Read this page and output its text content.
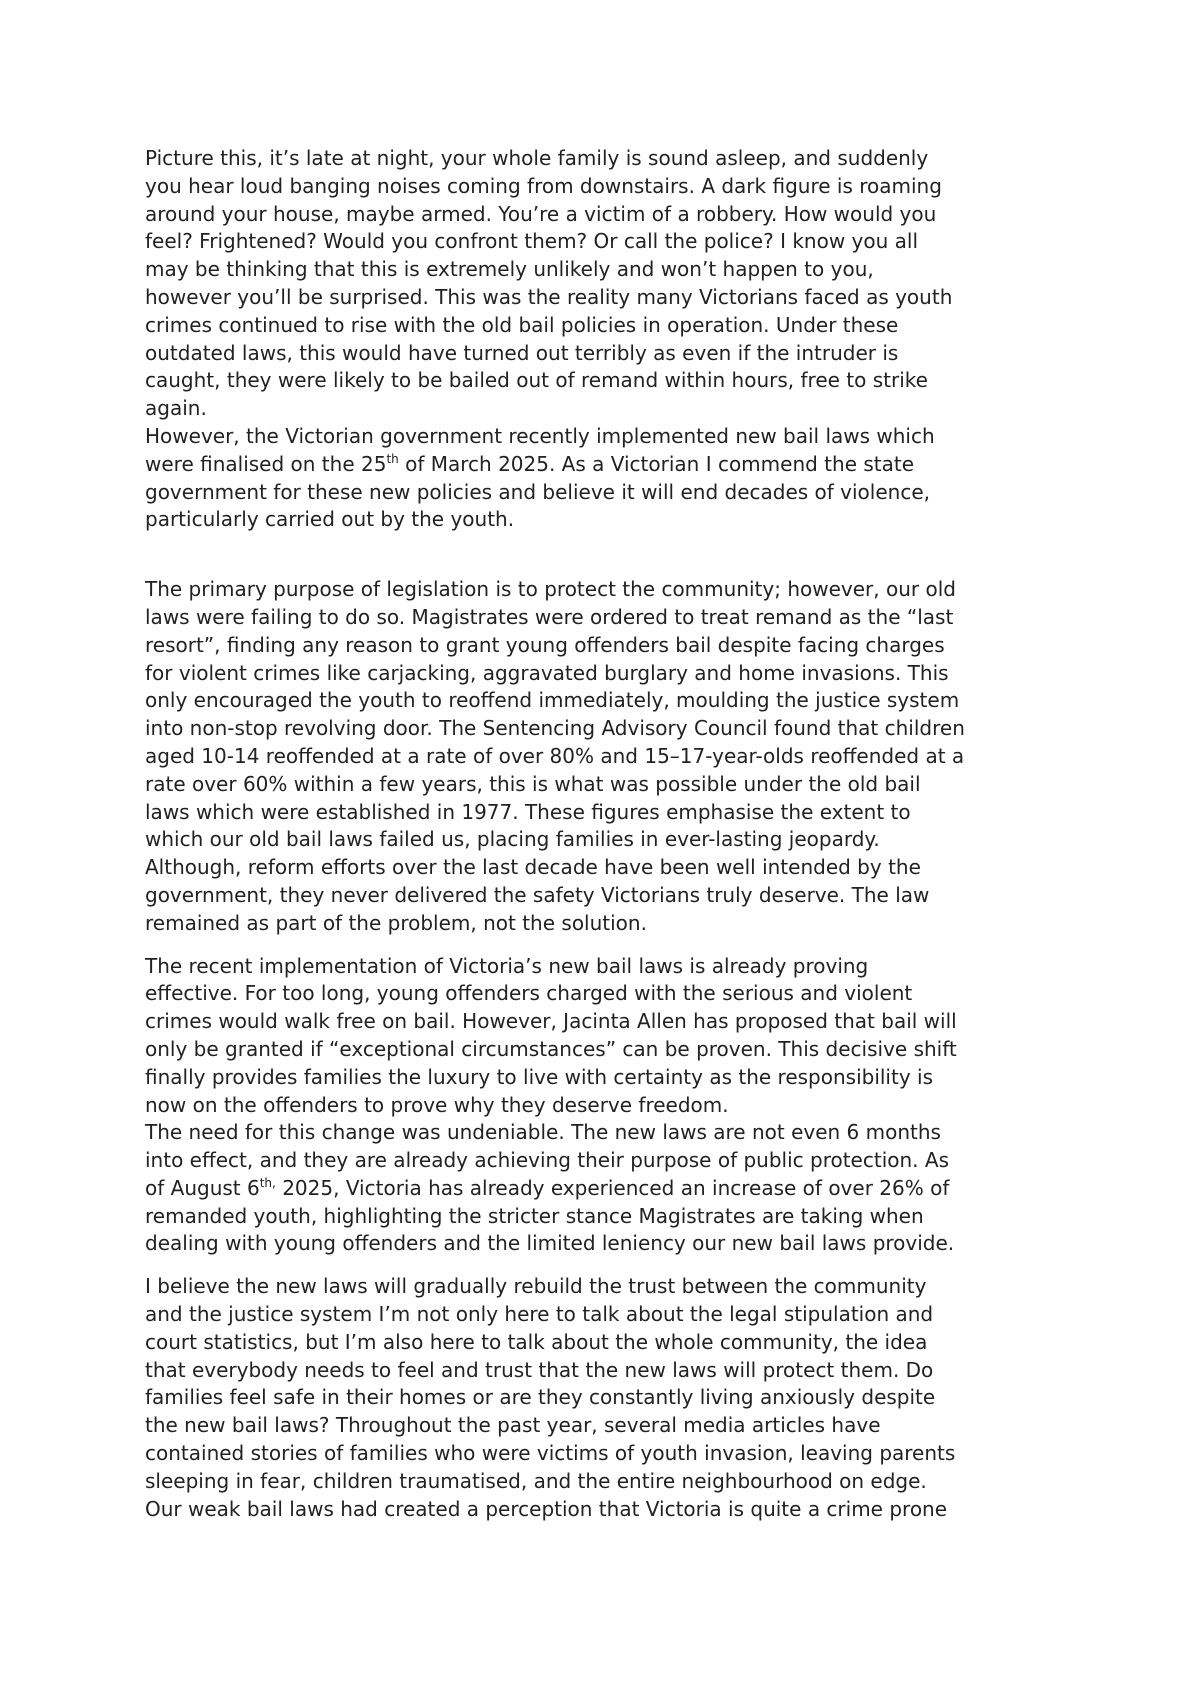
Picture this, it’s late at night, your whole family is sound asleep, and suddenly
you hear loud banging noises coming from downstairs. A dark figure is roaming
around your house, maybe armed. You’re a victim of a robbery. How would you
feel? Frightened? Would you confront them? Or call the police? I know you all
may be thinking that this is extremely unlikely and won’t happen to you,
however you’ll be surprised. This was the reality many Victorians faced as youth
crimes continued to rise with the old bail policies in operation. Under these
outdated laws, this would have turned out terribly as even if the intruder is
caught, they were likely to be bailed out of remand within hours, free to strike
again.

However, the Victorian government recently implemented new bail laws which
were finalised on the 25th of March 2025. As a Victorian I commend the state
government for these new policies and believe it will end decades of violence,
particularly carried out by the youth.

The primary purpose of legislation is to protect the community; however, our old
laws were failing to do so. Magistrates were ordered to treat remand as the “last
resort”, finding any reason to grant young offenders bail despite facing charges
for violent crimes like carjacking, aggravated burglary and home invasions. This
only encouraged the youth to reoffend immediately, moulding the justice system
into non-stop revolving door. The Sentencing Advisory Council found that children
aged 10-14 reoffended at a rate of over 80% and 15–17-year-olds reoffended at a
rate over 60% within a few years, this is what was possible under the old bail
laws which were established in 1977. These figures emphasise the extent to
which our old bail laws failed us, placing families in ever-lasting jeopardy.
Although, reform efforts over the last decade have been well intended by the
government, they never delivered the safety Victorians truly deserve. The law
remained as part of the problem, not the solution.

The recent implementation of Victoria’s new bail laws is already proving
effective. For too long, young offenders charged with the serious and violent
crimes would walk free on bail. However, Jacinta Allen has proposed that bail will
only be granted if “exceptional circumstances” can be proven. This decisive shift
finally provides families the luxury to live with certainty as the responsibility is
now on the offenders to prove why they deserve freedom.

The need for this change was undeniable. The new laws are not even 6 months
into effect, and they are already achieving their purpose of public protection. As
of August $6^{th,}$ 2025, Victoria has already experienced an increase of over 26% of
remanded youth, highlighting the stricter stance Magistrates are taking when
dealing with young offenders and the limited leniency our new bail laws provide.

I believe the new laws will gradually rebuild the trust between the community
and the justice system I’m not only here to talk about the legal stipulation and
court statistics, but I’m also here to talk about the whole community, the idea
that everybody needs to feel and trust that the new laws will protect them. Do
families feel safe in their homes or are they constantly living anxiously despite
the new bail laws? Throughout the past year, several media articles have
contained stories of families who were victims of youth invasion, leaving parents
sleeping in fear, children traumatised, and the entire neighbourhood on edge.
Our weak bail laws had created a perception that Victoria is quite a crime prone
